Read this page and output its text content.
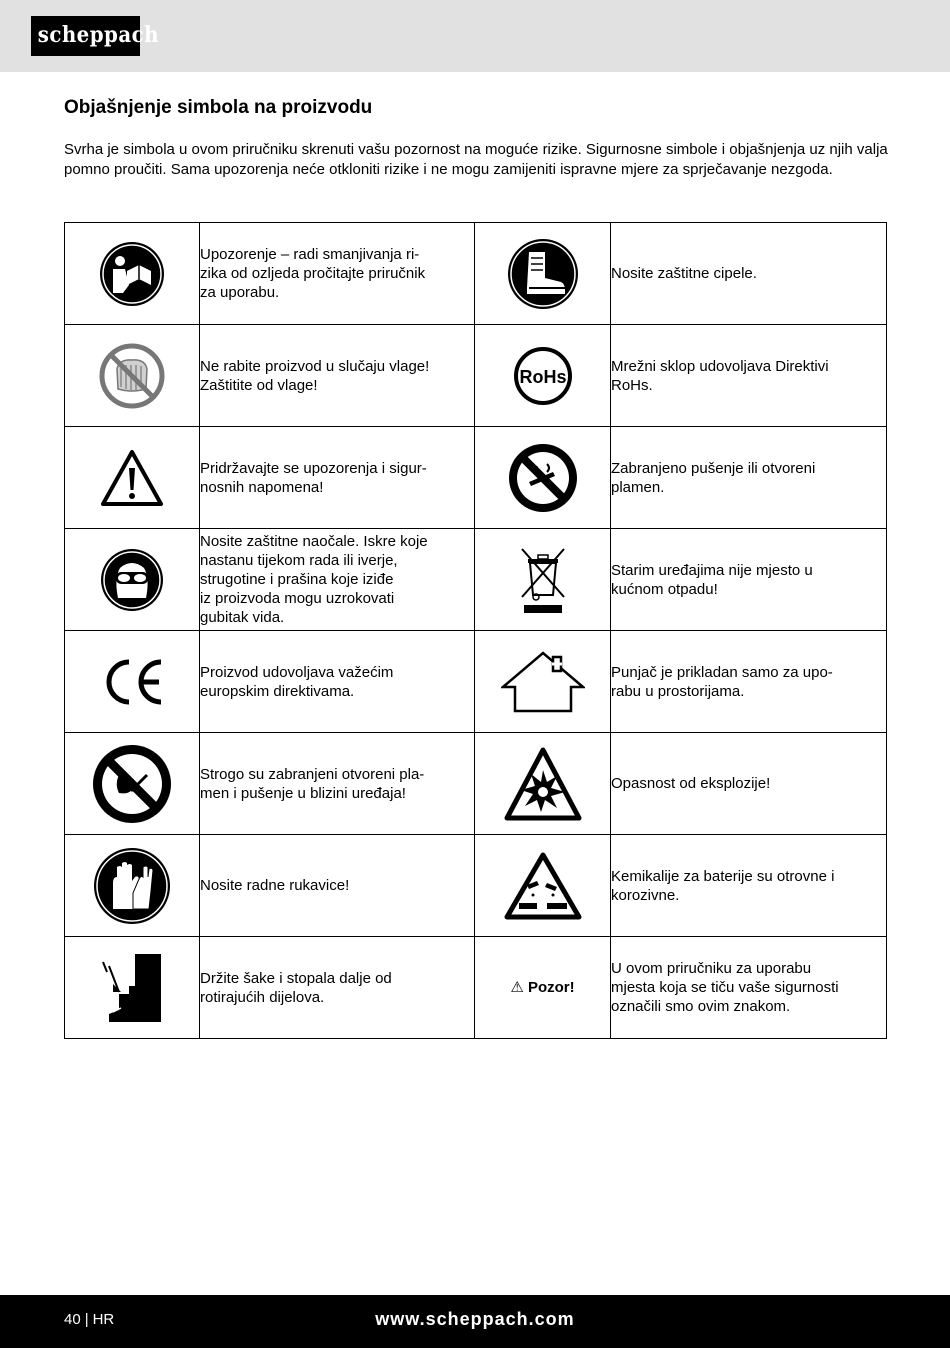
scheppach
Objašnjenje simbola na proizvodu

Svrha je simbola u ovom priručniku skrenuti vašu pozornost na moguće rizike. Sigurnosne simbole i objašnjenja uz njih valja pomno proučiti. Sama upozorenja neće otkloniti rizike i ne mogu zamijeniti ispravne mjere za sprječavanje nezgoda.

Upozorenje – radi smanjivanja ri-
zika od ozljeda pročitajte priručnik
za uporabu.		Nosite zaštitne cipele.

Ne rabite proizvod u slučaju vlage!
Zaštitite od vlage!	RoHs	Mrežni sklop udovoljava Direktivi
RoHs.

Pridržavajte se upozorenja i sigur-
nosnih napomena!		Zabranjeno pušenje ili otvoreni
plamen.

Nosite zaštitne naočale. Iskre koje
nastanu tijekom rada ili iverje,
strugotine i prašina koje iziđe
iz proizvoda mogu uzrokovati
gubitak vida.		Starim uređajima nije mjesto u
kućnom otpadu!

Proizvod udovoljava važećim
europskim direktivama.		Punjač je prikladan samo za upo-
rabu u prostorijama.

Strogo su zabranjeni otvoreni pla-
men i pušenje u blizini uređaja!		Opasnost od eksplozije!

Nosite radne rukavice!		Kemikalije za baterije su otrovne i
korozivne.

Držite šake i stopala dalje od
rotirajućih dijelova.	⚠ Pozor!	U ovom priručniku za uporabu
mjesta koja se tiču vaše sigurnosti
označili smo ovim znakom.
40 | HR	www.scheppach.com
